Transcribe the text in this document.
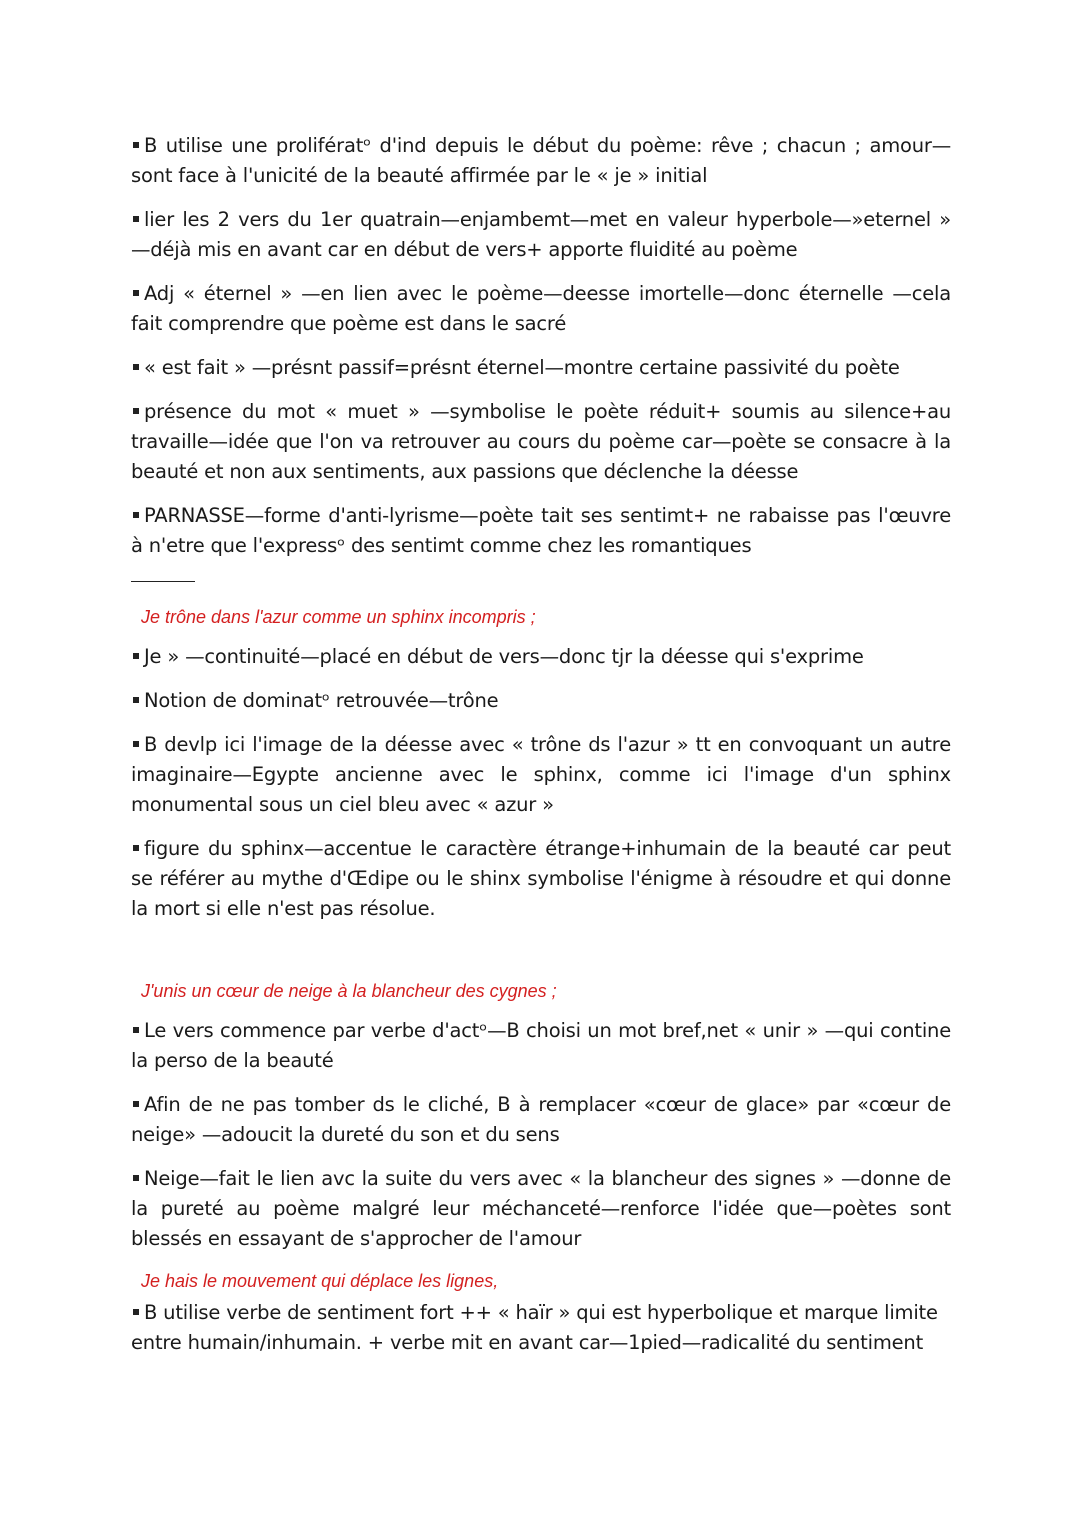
B utilise une prolifératᵒ d'ind depuis le début du poème: rêve ; chacun ; amour—sont face à l'unicité de la beauté affirmée par le « je » initial

lier les 2 vers du 1er quatrain—enjambemt—met en valeur hyperbole—»eternel » —déjà mis en avant car en début de vers+ apporte fluidité au poème

Adj « éternel » —en lien avec le poème—deesse imortelle—donc éternelle —cela fait comprendre que poème est dans le sacré

« est fait » —présnt passif=présnt éternel—montre certaine passivité du poète

présence du mot « muet » —symbolise le poète réduit+ soumis au silence+au travaille—idée que l'on va retrouver au cours du poème car—poète se consacre à la beauté et non aux sentiments, aux passions que déclenche la déesse

PARNASSE—forme d'anti-lyrisme—poète tait ses sentimt+ ne rabaisse pas l'œuvre à n'etre que l'expressᵒ des sentimt comme chez les romantiques

Je trône dans l'azur comme un sphinx incompris ;

Je » —continuité—placé en début de vers—donc tjr la déesse qui s'exprime

Notion de dominatᵒ retrouvée—trône

B devlp ici l'image de la déesse avec « trône ds l'azur » tt en convoquant un autre imaginaire—Egypte ancienne avec le sphinx, comme ici l'image d'un sphinx monumental sous un ciel bleu avec « azur »

figure du sphinx—accentue le caractère étrange+inhumain de la beauté car peut se référer au mythe d'Œdipe ou le shinx symbolise l'énigme à résoudre et qui donne la mort si elle n'est pas résolue.

J'unis un cœur de neige à la blancheur des cygnes ;

Le vers commence par verbe d'actᵒ—B choisi un mot bref,net « unir » —qui contine la perso de la beauté

Afin de ne pas tomber ds le cliché, B à remplacer «cœur de glace» par «cœur de neige» —adoucit la dureté du son et du sens

Neige—fait le lien avc la suite du vers avec « la blancheur des signes » —donne de la pureté au poème malgré leur méchanceté—renforce l'idée que—poètes sont blessés en essayant de s'approcher de l'amour

Je hais le mouvement qui déplace les lignes,

B utilise verbe de sentiment fort ++ « haïr » qui est hyperbolique et marque limite entre humain/inhumain. + verbe mit en avant car—1pied—radicalité du sentiment
